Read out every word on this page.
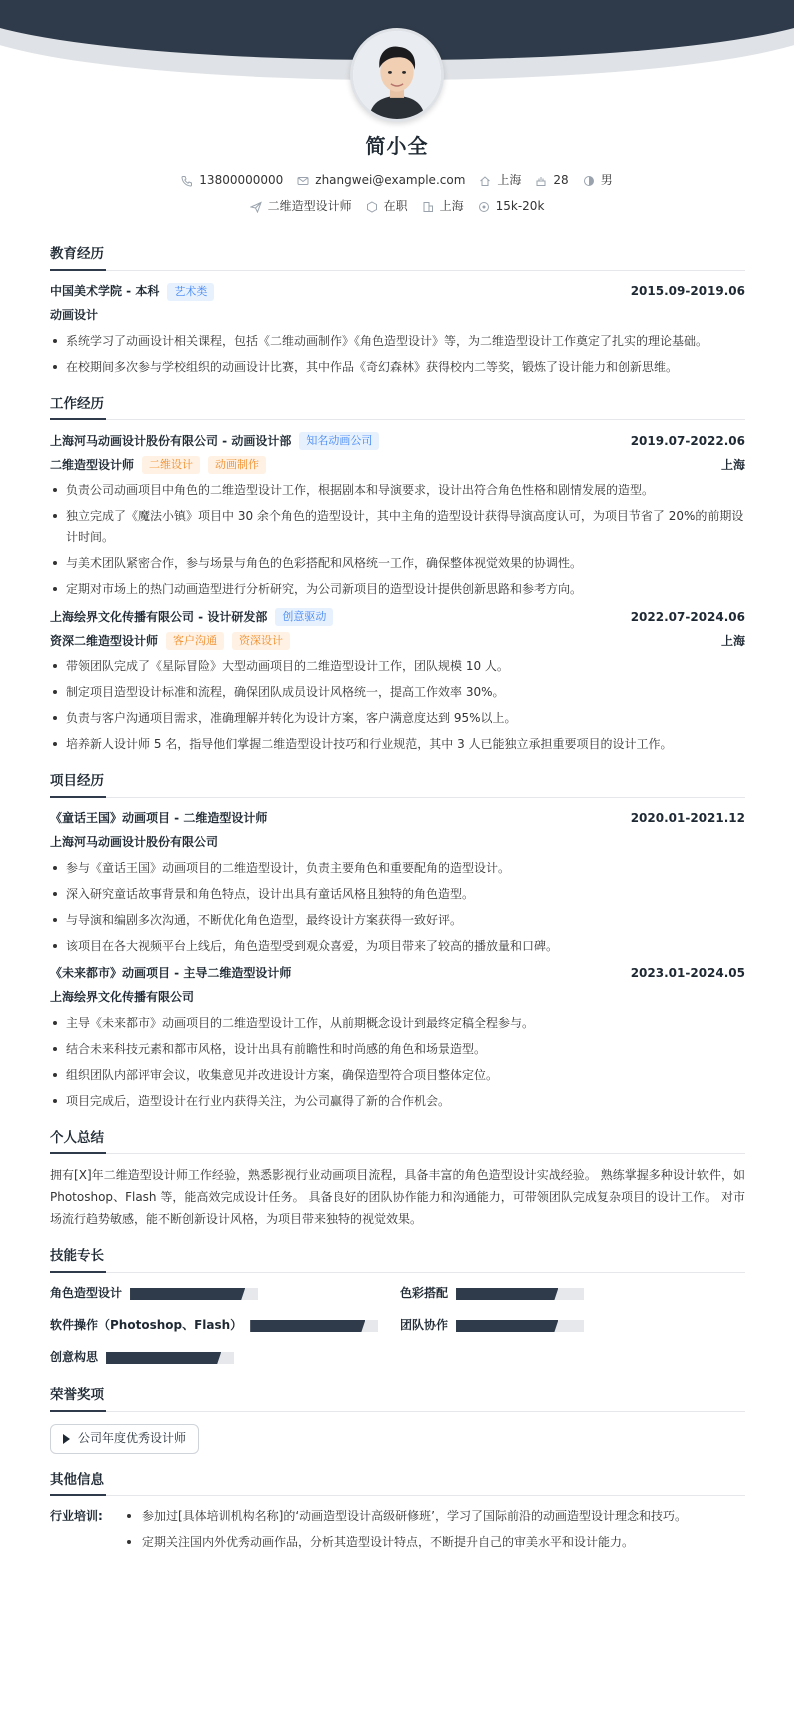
简小全
13800000000	zhangwei@example.com	上海	28	男
二维造型设计师	在职	上海	15k-20k
教育经历
中国美术学院 - 本科	艺术类	2015.09-2019.06
动画设计
系统学习了动画设计相关课程，包括《二维动画制作》《角色造型设计》等，为二维造型设计工作奠定了扎实的理论基础。
在校期间多次参与学校组织的动画设计比赛，其中作品《奇幻森林》获得校内二等奖，锻炼了设计能力和创新思维。
工作经历
上海河马动画设计股份有限公司 - 动画设计部	知名动画公司	2019.07-2022.06
二维造型设计师	二维设计	动画制作	上海
负责公司动画项目中角色的二维造型设计工作，根据剧本和导演要求，设计出符合角色性格和剧情发展的造型。
独立完成了《魔法小镇》项目中 30 余个角色的造型设计，其中主角的造型设计获得导演高度认可，为项目节省了 20%的前期设计时间。
与美术团队紧密合作，参与场景与角色的色彩搭配和风格统一工作，确保整体视觉效果的协调性。
定期对市场上的热门动画造型进行分析研究，为公司新项目的造型设计提供创新思路和参考方向。
上海绘界文化传播有限公司 - 设计研发部	创意驱动	2022.07-2024.06
资深二维造型设计师	客户沟通	资深设计	上海
带领团队完成了《星际冒险》大型动画项目的二维造型设计工作，团队规模 10 人。
制定项目造型设计标准和流程，确保团队成员设计风格统一，提高工作效率 30%。
负责与客户沟通项目需求，准确理解并转化为设计方案，客户满意度达到 95%以上。
培养新人设计师 5 名，指导他们掌握二维造型设计技巧和行业规范，其中 3 人已能独立承担重要项目的设计工作。
项目经历
《童话王国》动画项目 - 二维造型设计师	2020.01-2021.12
上海河马动画设计股份有限公司
参与《童话王国》动画项目的二维造型设计，负责主要角色和重要配角的造型设计。
深入研究童话故事背景和角色特点，设计出具有童话风格且独特的角色造型。
与导演和编剧多次沟通，不断优化角色造型，最终设计方案获得一致好评。
该项目在各大视频平台上线后，角色造型受到观众喜爱，为项目带来了较高的播放量和口碑。
《未来都市》动画项目 - 主导二维造型设计师	2023.01-2024.05
上海绘界文化传播有限公司
主导《未来都市》动画项目的二维造型设计工作，从前期概念设计到最终定稿全程参与。
结合未来科技元素和都市风格，设计出具有前瞻性和时尚感的角色和场景造型。
组织团队内部评审会议，收集意见并改进设计方案，确保造型符合项目整体定位。
项目完成后，造型设计在行业内获得关注，为公司赢得了新的合作机会。
个人总结

拥有[X]年二维造型设计师工作经验，熟悉影视行业动画项目流程，具备丰富的角色造型设计实战经验。 熟练掌握多种设计软件，如 Photoshop、Flash 等，能高效完成设计任务。 具备良好的团队协作能力和沟通能力，可带领团队完成复杂项目的设计工作。 对市场流行趋势敏感，能不断创新设计风格，为项目带来独特的视觉效果。

技能专长
角色造型设计	色彩搭配
软件操作（Photoshop、Flash）	团队协作
创意构思
荣誉奖项
公司年度优秀设计师
其他信息
行业培训:	参加过[具体培训机构名称]的‘动画造型设计高级研修班’，学习了国际前沿的动画造型设计理念和技巧。
定期关注国内外优秀动画作品，分析其造型设计特点，不断提升自己的审美水平和设计能力。
